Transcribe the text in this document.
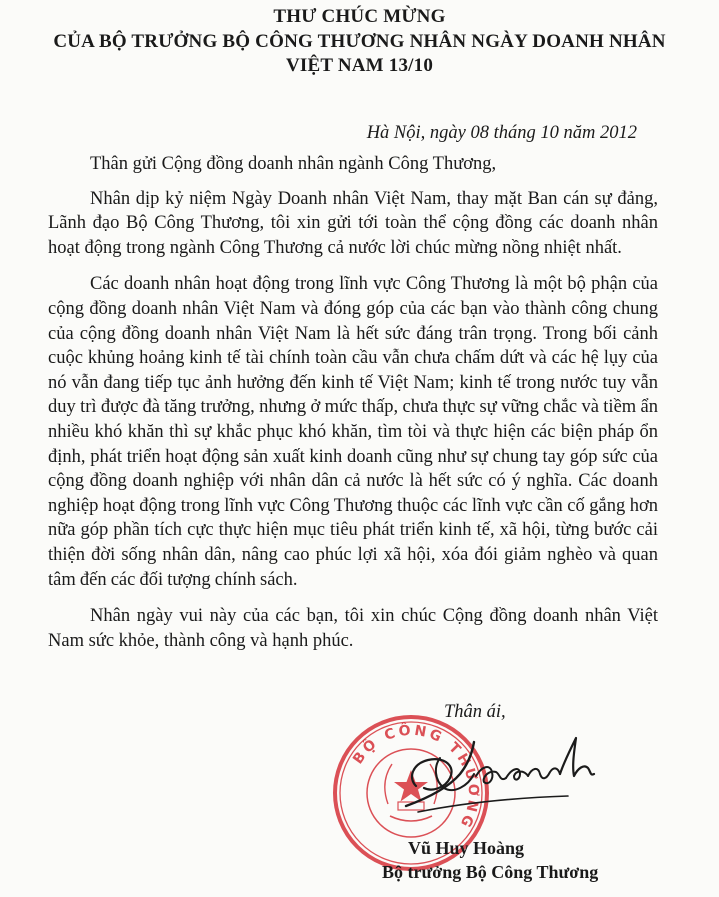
THƯ CHÚC MỪNG
CỦA BỘ TRƯỞNG BỘ CÔNG THƯƠNG NHÂN NGÀY DOANH NHÂN
VIỆT NAM 13/10
Hà Nội, ngày 08 tháng 10 năm 2012

Thân gửi Cộng đồng doanh nhân ngành Công Thương,

Nhân dịp kỷ niệm Ngày Doanh nhân Việt Nam, thay mặt Ban cán sự đảng, Lãnh đạo Bộ Công Thương, tôi xin gửi tới toàn thể cộng đồng các doanh nhân hoạt động trong ngành Công Thương cả nước lời chúc mừng nồng nhiệt nhất.

Các doanh nhân hoạt động trong lĩnh vực Công Thương là một bộ phận của cộng đồng doanh nhân Việt Nam và đóng góp của các bạn vào thành công chung của cộng đồng doanh nhân Việt Nam là hết sức đáng trân trọng. Trong bối cảnh cuộc khủng hoảng kinh tế tài chính toàn cầu vẫn chưa chấm dứt và các hệ lụy của nó vẫn đang tiếp tục ảnh hưởng đến kinh tế Việt Nam; kinh tế trong nước tuy vẫn duy trì được đà tăng trưởng, nhưng ở mức thấp, chưa thực sự vững chắc và tiềm ẩn nhiều khó khăn thì sự khắc phục khó khăn, tìm tòi và thực hiện các biện pháp ổn định, phát triển hoạt động sản xuất kinh doanh cũng như sự chung tay góp sức của cộng đồng doanh nghiệp với nhân dân cả nước là hết sức có ý nghĩa. Các doanh nghiệp hoạt động trong lĩnh vực Công Thương thuộc các lĩnh vực cần cố gắng hơn nữa góp phần tích cực thực hiện mục tiêu phát triển kinh tế, xã hội, từng bước cải thiện đời sống nhân dân, nâng cao phúc lợi xã hội, xóa đói giảm nghèo và quan tâm đến các đối tượng chính sách.

Nhân ngày vui này của các bạn, tôi xin chúc Cộng đồng doanh nhân Việt Nam sức khỏe, thành công và hạnh phúc.

Thân ái,
BỘ CÔNG THƯƠNG
Vũ Huy Hoàng
Bộ trưởng Bộ Công Thương
